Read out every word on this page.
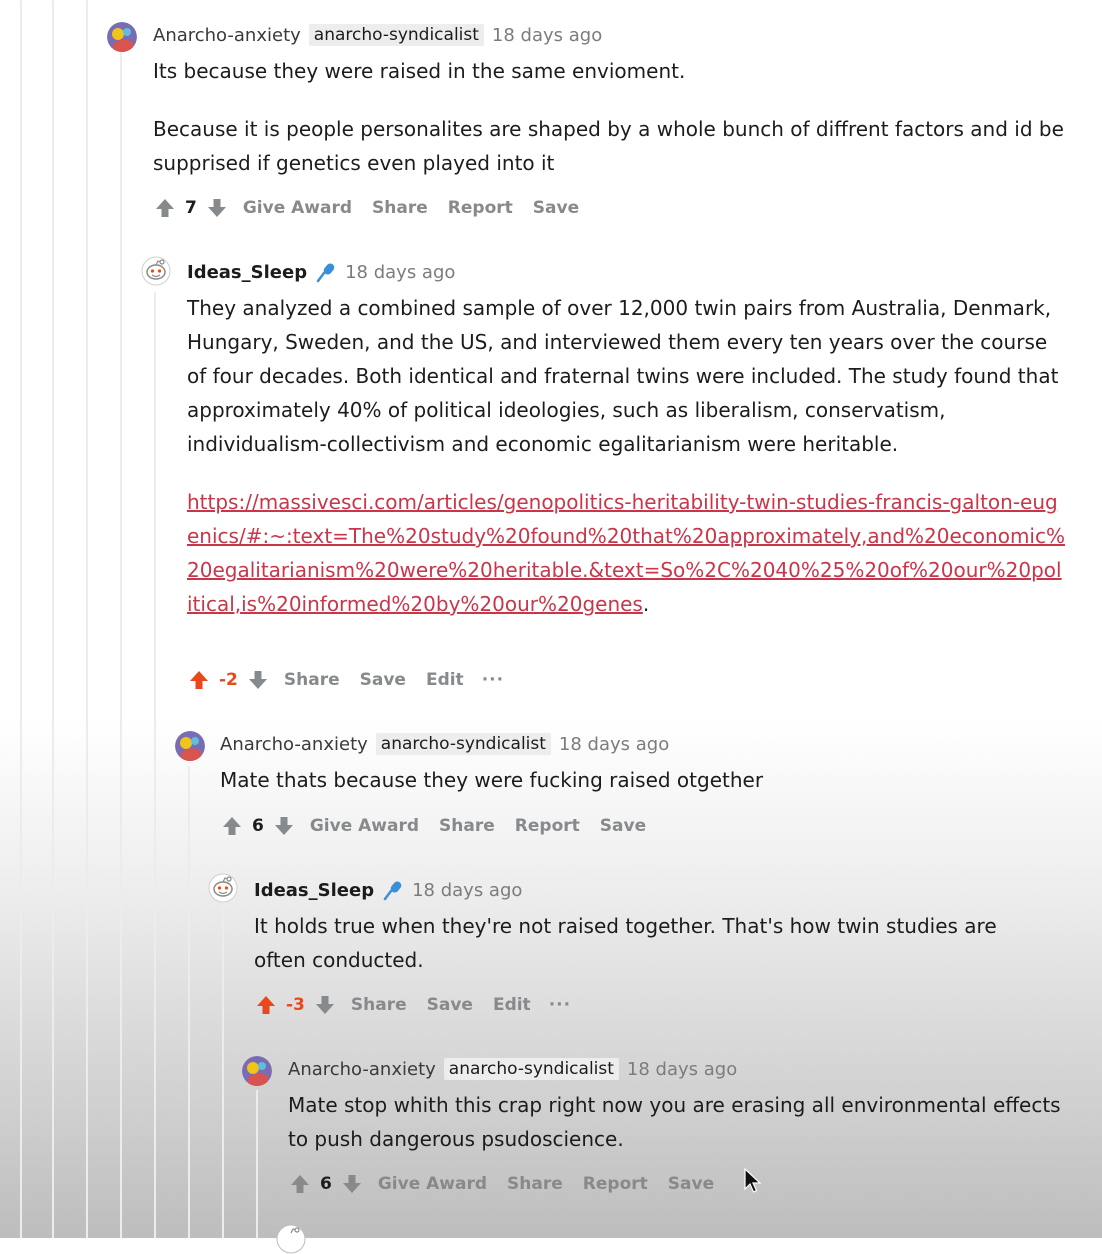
Anarcho-anxiety anarcho-syndicalist 18 days ago

Its because they were raised in the same envioment.

Because it is people personalites are shaped by a whole bunch of diffrent factors and id be supprised if genetics even played into it

7	Give Award Share Report Save
Ideas_Sleep 18 days ago

They analyzed a combined sample of over 12,000 twin pairs from Australia, Denmark, Hungary, Sweden, and the US, and interviewed them every ten years over the course of four decades. Both identical and fraternal twins were included. The study found that approximately 40% of political ideologies, such as liberalism, conservatism, individualism-collectivism and economic egalitarianism were heritable.

https://massivesci.com/articles/genopolitics-heritability-twin-studies-francis-galton-eugenics/#:~:text=The%20study%20found%20that%20approximately,and%20economic%20egalitarianism%20were%20heritable.&text=So%2C%2040%25%20of%20our%20political,is%20informed%20by%20our%20genes.

-2	Share Save Edit ···
Anarcho-anxiety anarcho-syndicalist 18 days ago

Mate thats because they were fucking raised otgether

6	Give Award Share Report Save
Ideas_Sleep 18 days ago

It holds true when they're not raised together. That's how twin studies are often conducted.

-3	Share Save Edit ···
Anarcho-anxiety anarcho-syndicalist 18 days ago

Mate stop whith this crap right now you are erasing all environmental effects to push dangerous psudoscience.

6	Give Award Share Report Save
